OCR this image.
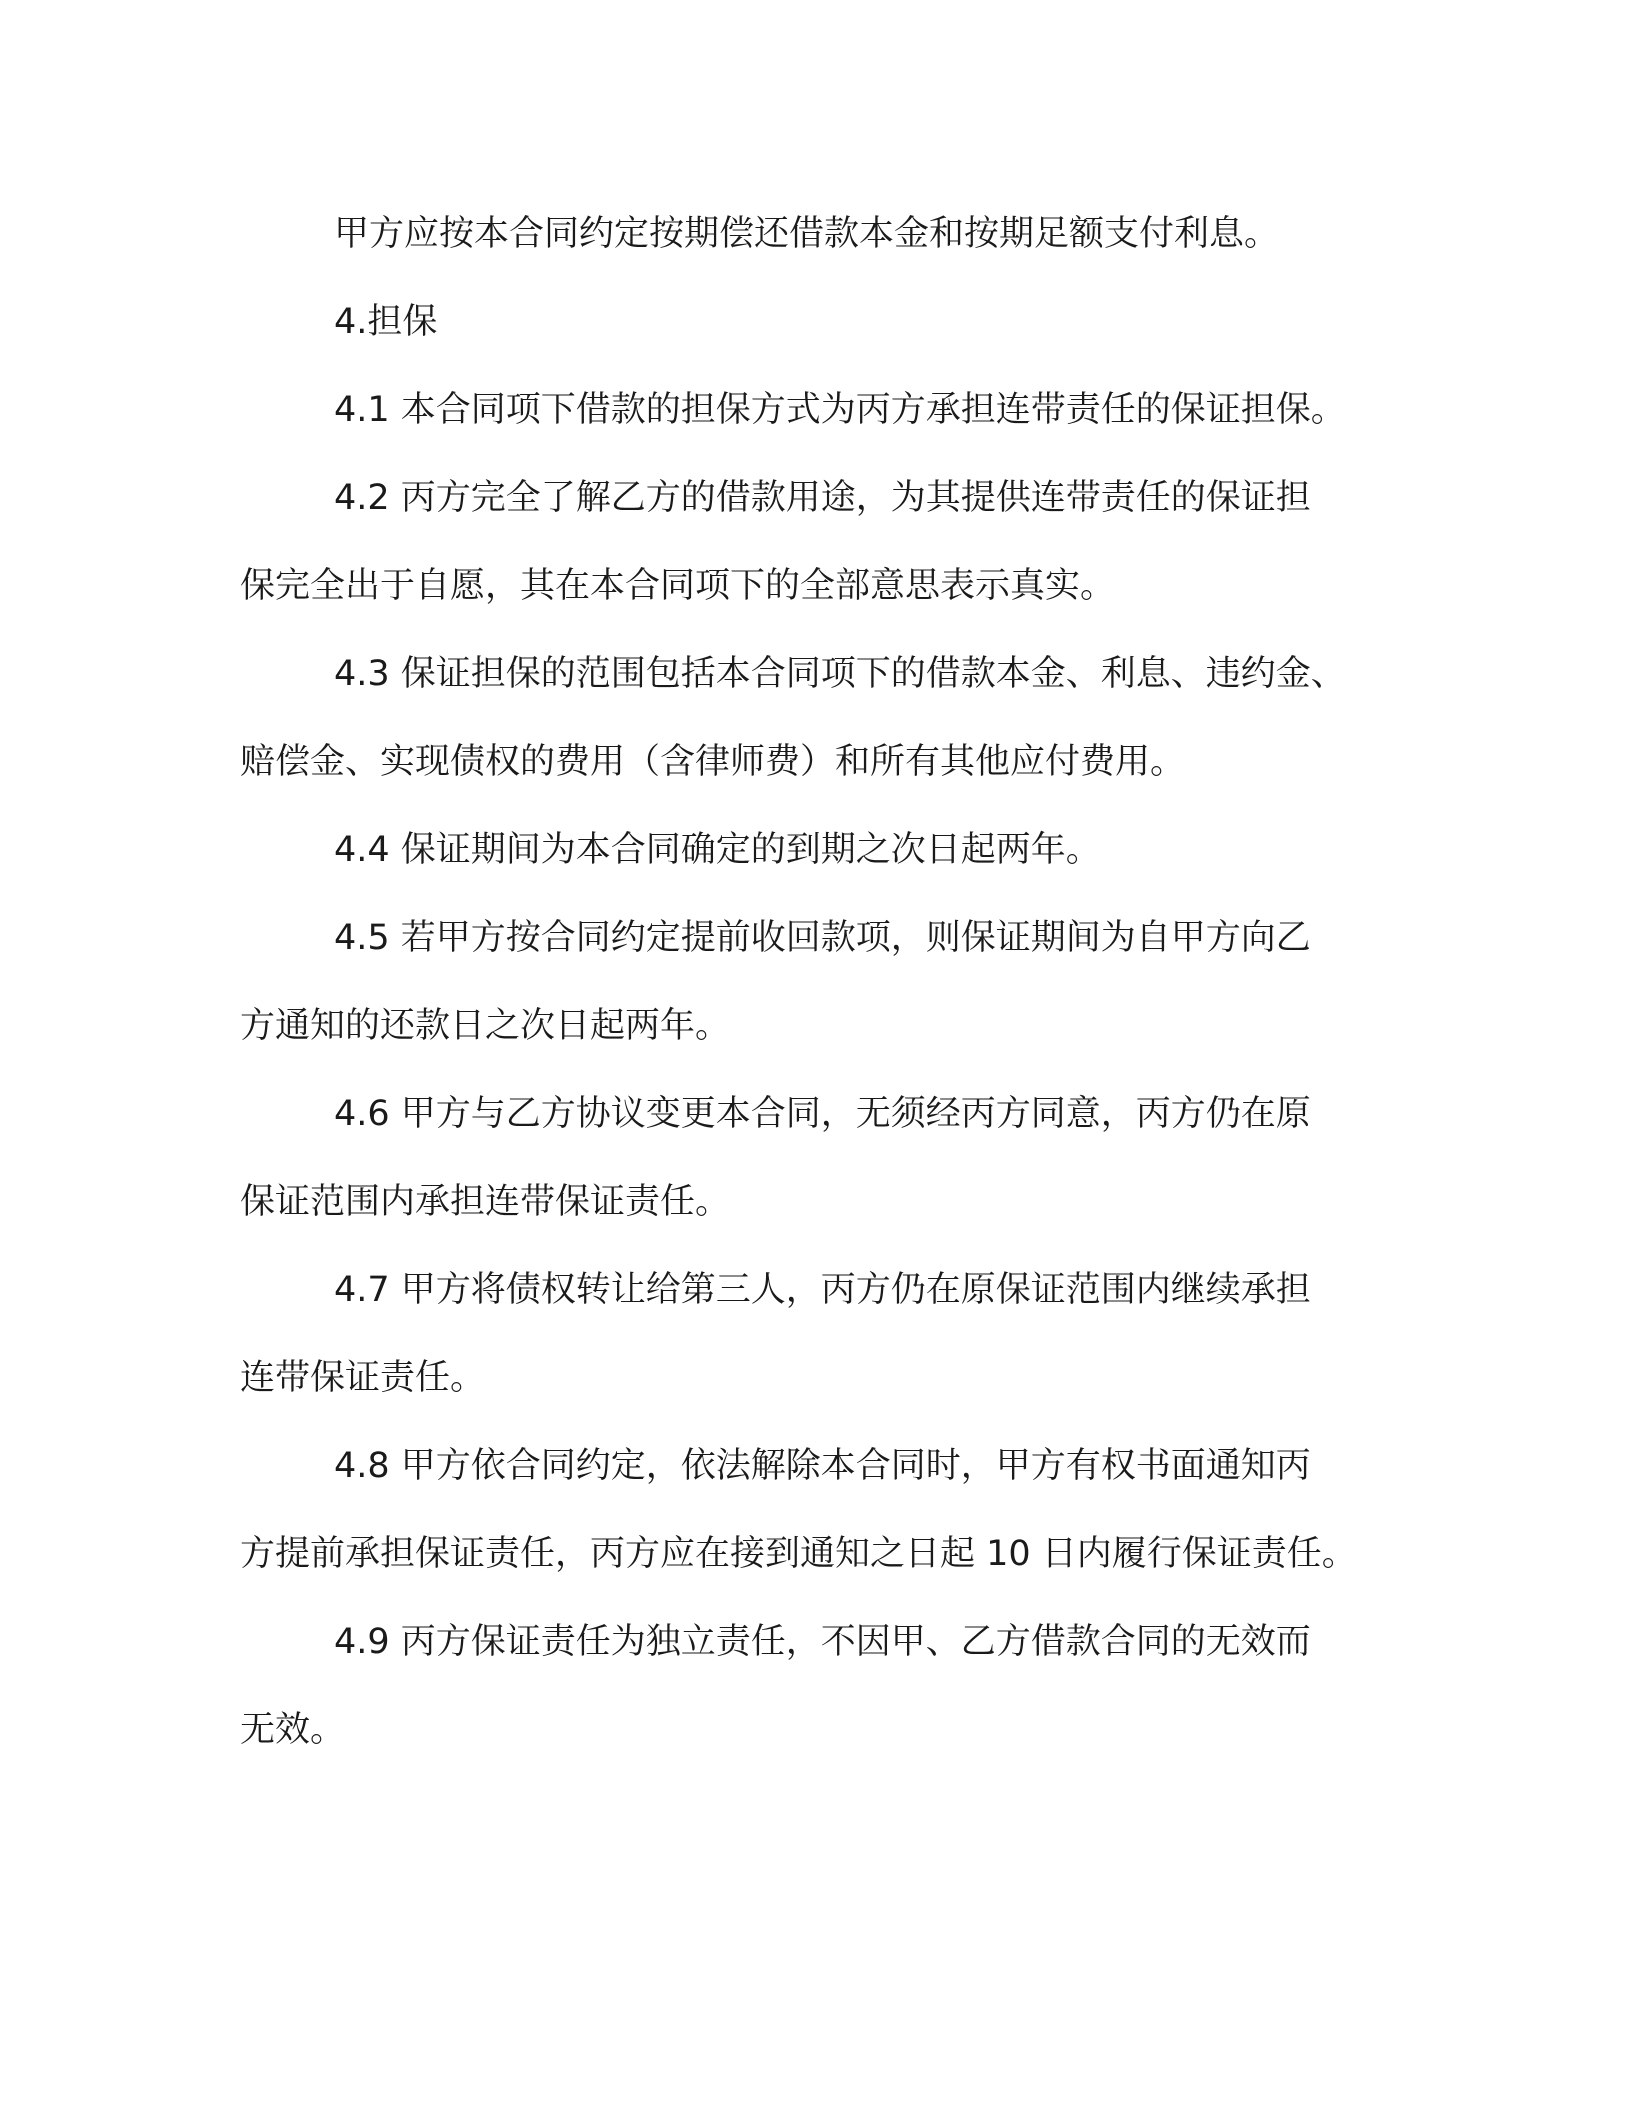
甲方应按本合同约定按期偿还借款本金和按期足额支付利息。
4.担保
4.1 本合同项下借款的担保方式为丙方承担连带责任的保证担保。
4.2 丙方完全了解乙方的借款用途，为其提供连带责任的保证担
保完全出于自愿，其在本合同项下的全部意思表示真实。
4.3 保证担保的范围包括本合同项下的借款本金、利息、违约金、
赔偿金、实现债权的费用（含律师费）和所有其他应付费用。
4.4 保证期间为本合同确定的到期之次日起两年。
4.5 若甲方按合同约定提前收回款项，则保证期间为自甲方向乙
方通知的还款日之次日起两年。
4.6 甲方与乙方协议变更本合同，无须经丙方同意，丙方仍在原
保证范围内承担连带保证责任。
4.7 甲方将债权转让给第三人，丙方仍在原保证范围内继续承担
连带保证责任。
4.8 甲方依合同约定，依法解除本合同时，甲方有权书面通知丙
方提前承担保证责任，丙方应在接到通知之日起 10 日内履行保证责任。
4.9 丙方保证责任为独立责任，不因甲、乙方借款合同的无效而
无效。
